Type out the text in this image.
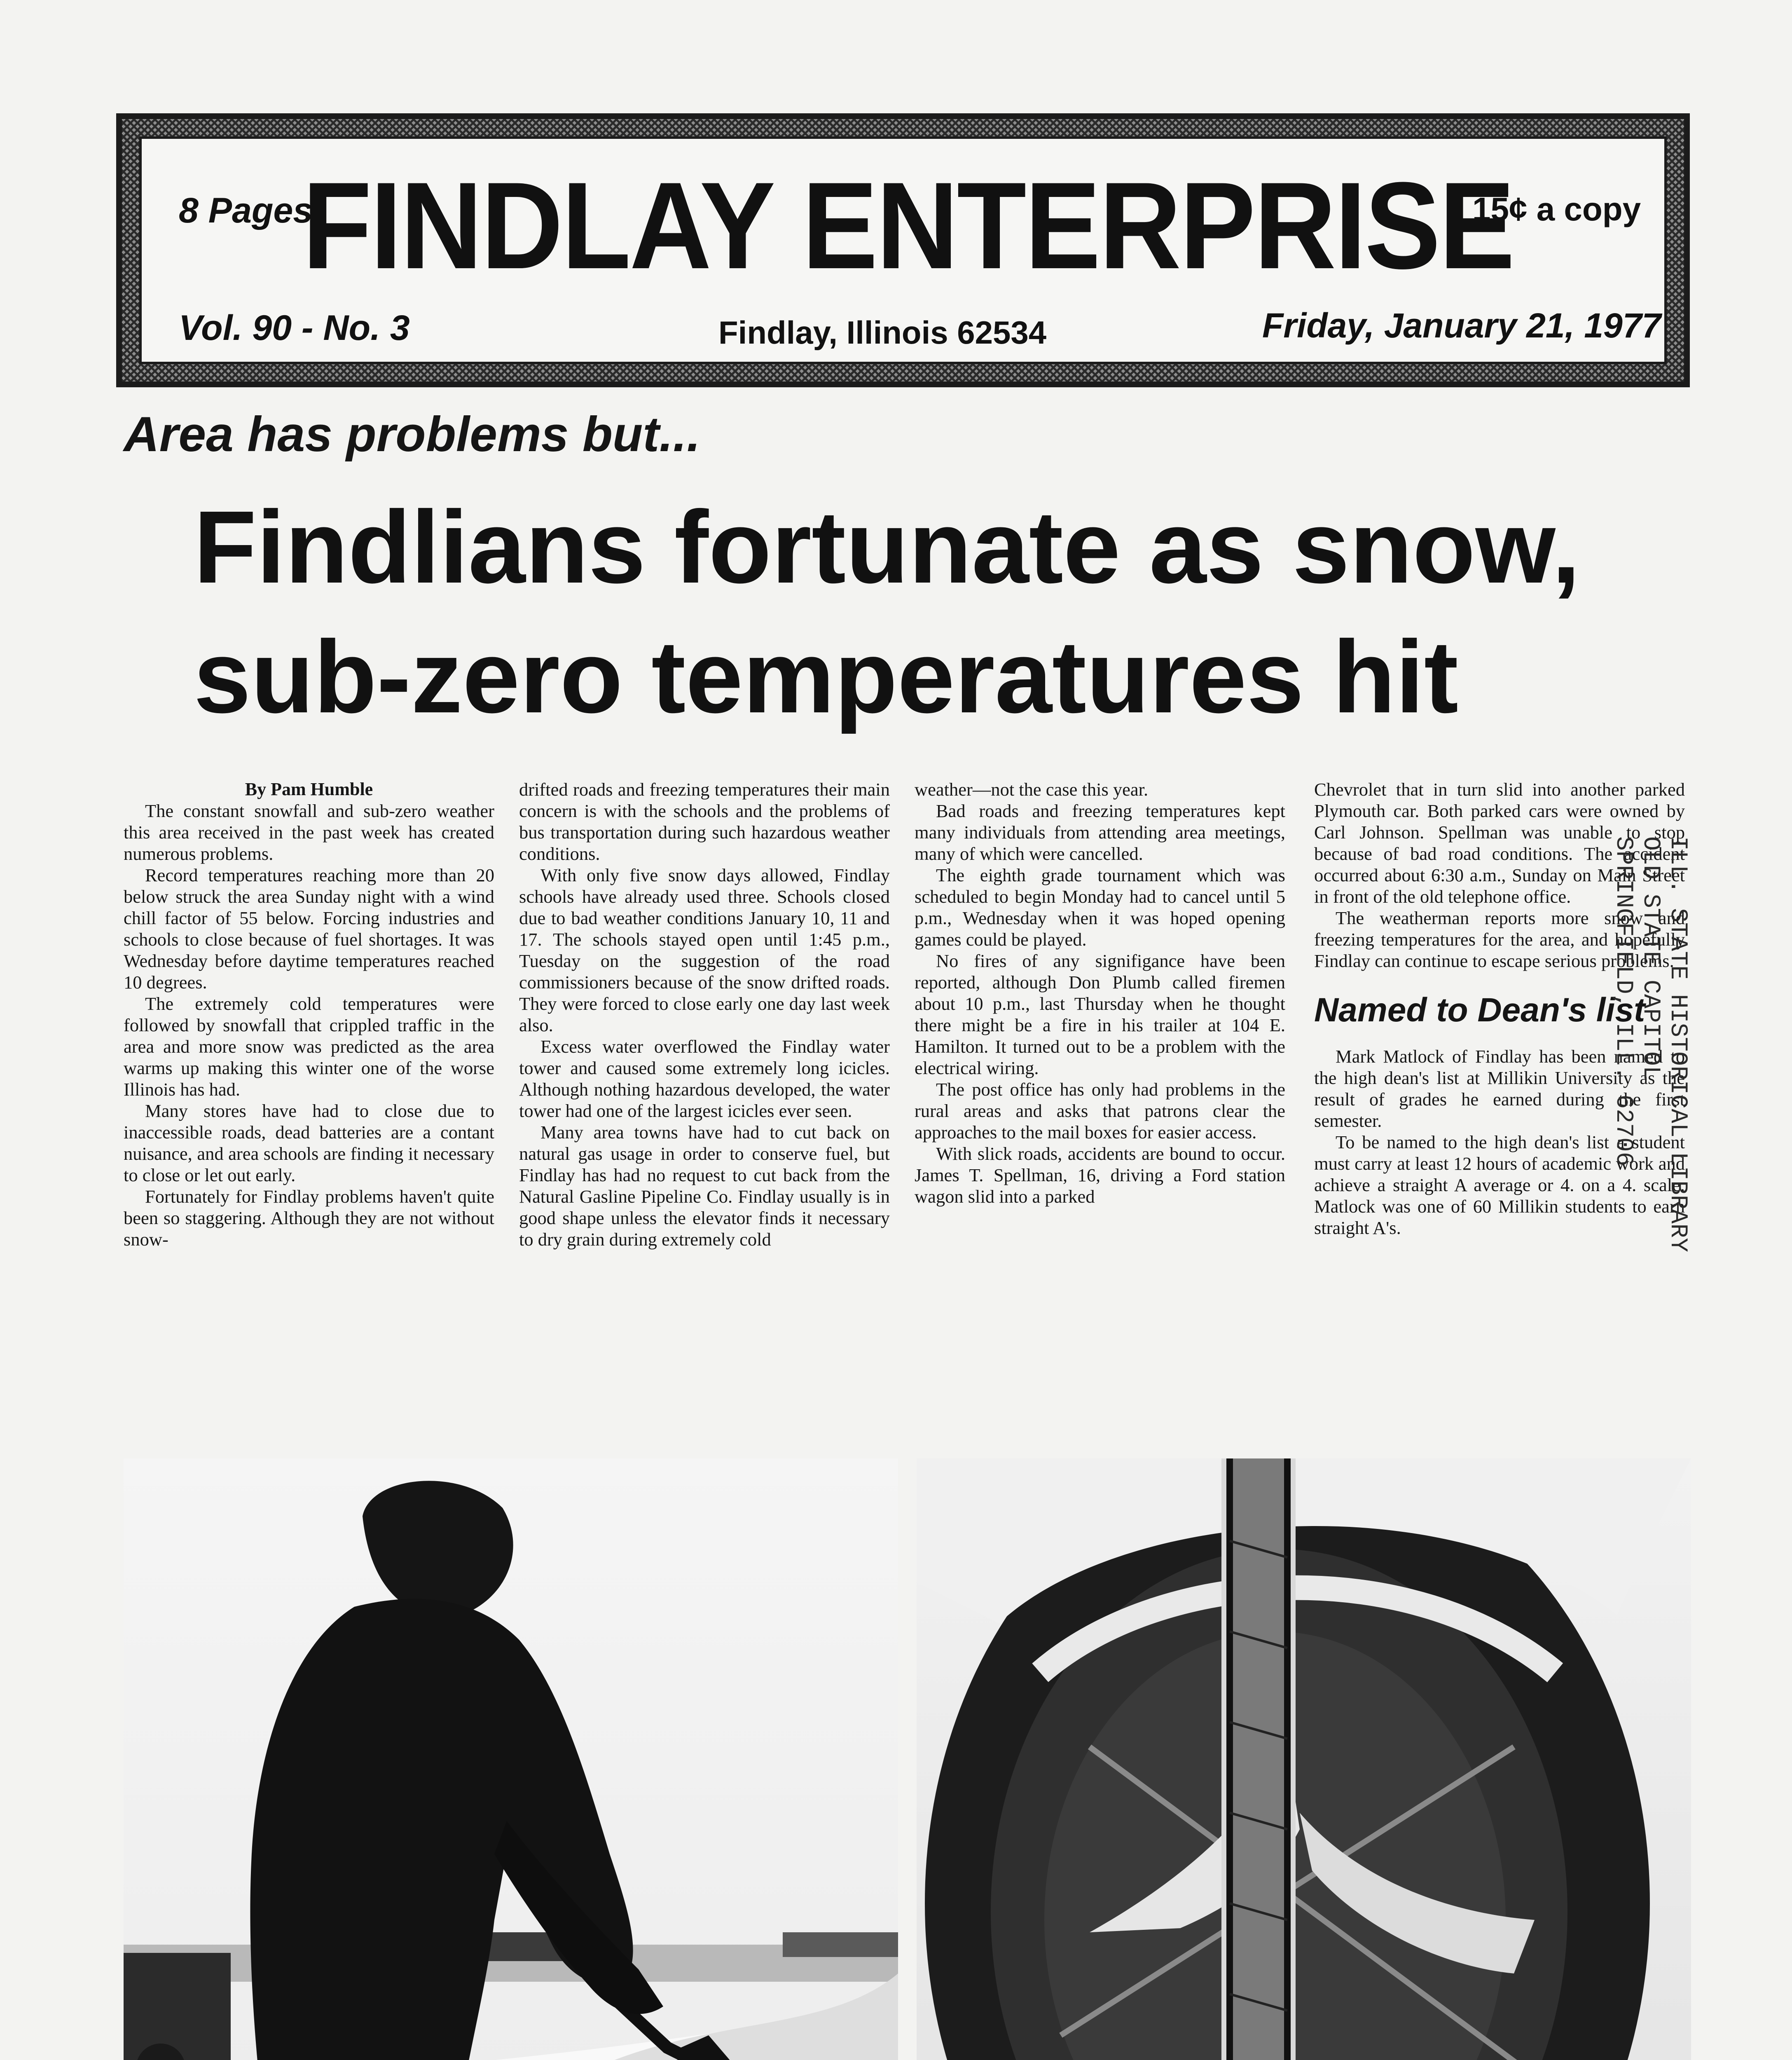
8 Pages
FINDLAY ENTERPRISE
15¢ a copy
Vol. 90 - No. 3	Findlay, Illinois 62534	Friday, January 21, 1977
Area has problems but...
Findlians fortunate as snow,
sub-zero temperatures hit

By Pam Humble

The constant snowfall and sub-zero weather this area received in the past week has created numerous problems.

Record temperatures reaching more than 20 below struck the area Sunday night with a wind chill factor of 55 below. Forcing industries and schools to close because of fuel shortages. It was Wednesday before daytime temperatures reached 10 degrees.

The extremely cold temperatures were followed by snowfall that crippled traffic in the area and more snow was predicted as the area warms up making this winter one of the worse Illinois has had.

Many stores have had to close due to inaccessible roads, dead batteries are a contant nuisance, and area schools are finding it necessary to close or let out early.

Fortunately for Findlay problems haven't quite been so staggering. Although they are not without snow-

drifted roads and freezing temperatures their main concern is with the schools and the problems of bus transportation during such hazardous weather conditions.

With only five snow days allowed, Findlay schools have already used three. Schools closed due to bad weather conditions January 10, 11 and 17. The schools stayed open until 1:45 p.m., Tuesday on the suggestion of the road commissioners because of the snow drifted roads. They were forced to close early one day last week also.

Excess water overflowed the Findlay water tower and caused some extremely long icicles. Although nothing hazardous developed, the water tower had one of the largest icicles ever seen.

Many area towns have had to cut back on natural gas usage in order to conserve fuel, but Findlay has had no request to cut back from the Natural Gasline Pipeline Co. Findlay usually is in good shape unless the elevator finds it necessary to dry grain during extremely cold

weather—not the case this year.

Bad roads and freezing temperatures kept many individuals from attending area meetings, many of which were cancelled.

The eighth grade tournament which was scheduled to begin Monday had to cancel until 5 p.m., Wednesday when it was hoped opening games could be played.

No fires of any signifigance have been reported, although Don Plumb called firemen about 10 p.m., last Thursday when he thought there might be a fire in his trailer at 104 E. Hamilton. It turned out to be a problem with the electrical wiring.

The post office has only had problems in the rural areas and asks that patrons clear the approaches to the mail boxes for easier access.

With slick roads, accidents are bound to occur. James T. Spellman, 16, driving a Ford station wagon slid into a parked

Chevrolet that in turn slid into another parked Plymouth car. Both parked cars were owned by Carl Johnson. Spellman was unable to stop because of bad road conditions. The accident occurred about 6:30 a.m., Sunday on Main Street in front of the old telephone office.

The weatherman reports more snow and freezing temperatures for the area, and hopefully Findlay can continue to escape serious problems.

Named to Dean's list

Mark Matlock of Findlay has been named to the high dean's list at Millikin University as the result of grades he earned during the first semester.

To be named to the high dean's list a student must carry at least 12 hours of academic work and achieve a straight A average or 4. on a 4. scale. Matlock was one of 60 Millikin students to earn straight A's.	ILL. STATE HISTORICAL LIBRARY
OLD STATE CAPITOL
SPRINGFIELD, ILL. 62706
